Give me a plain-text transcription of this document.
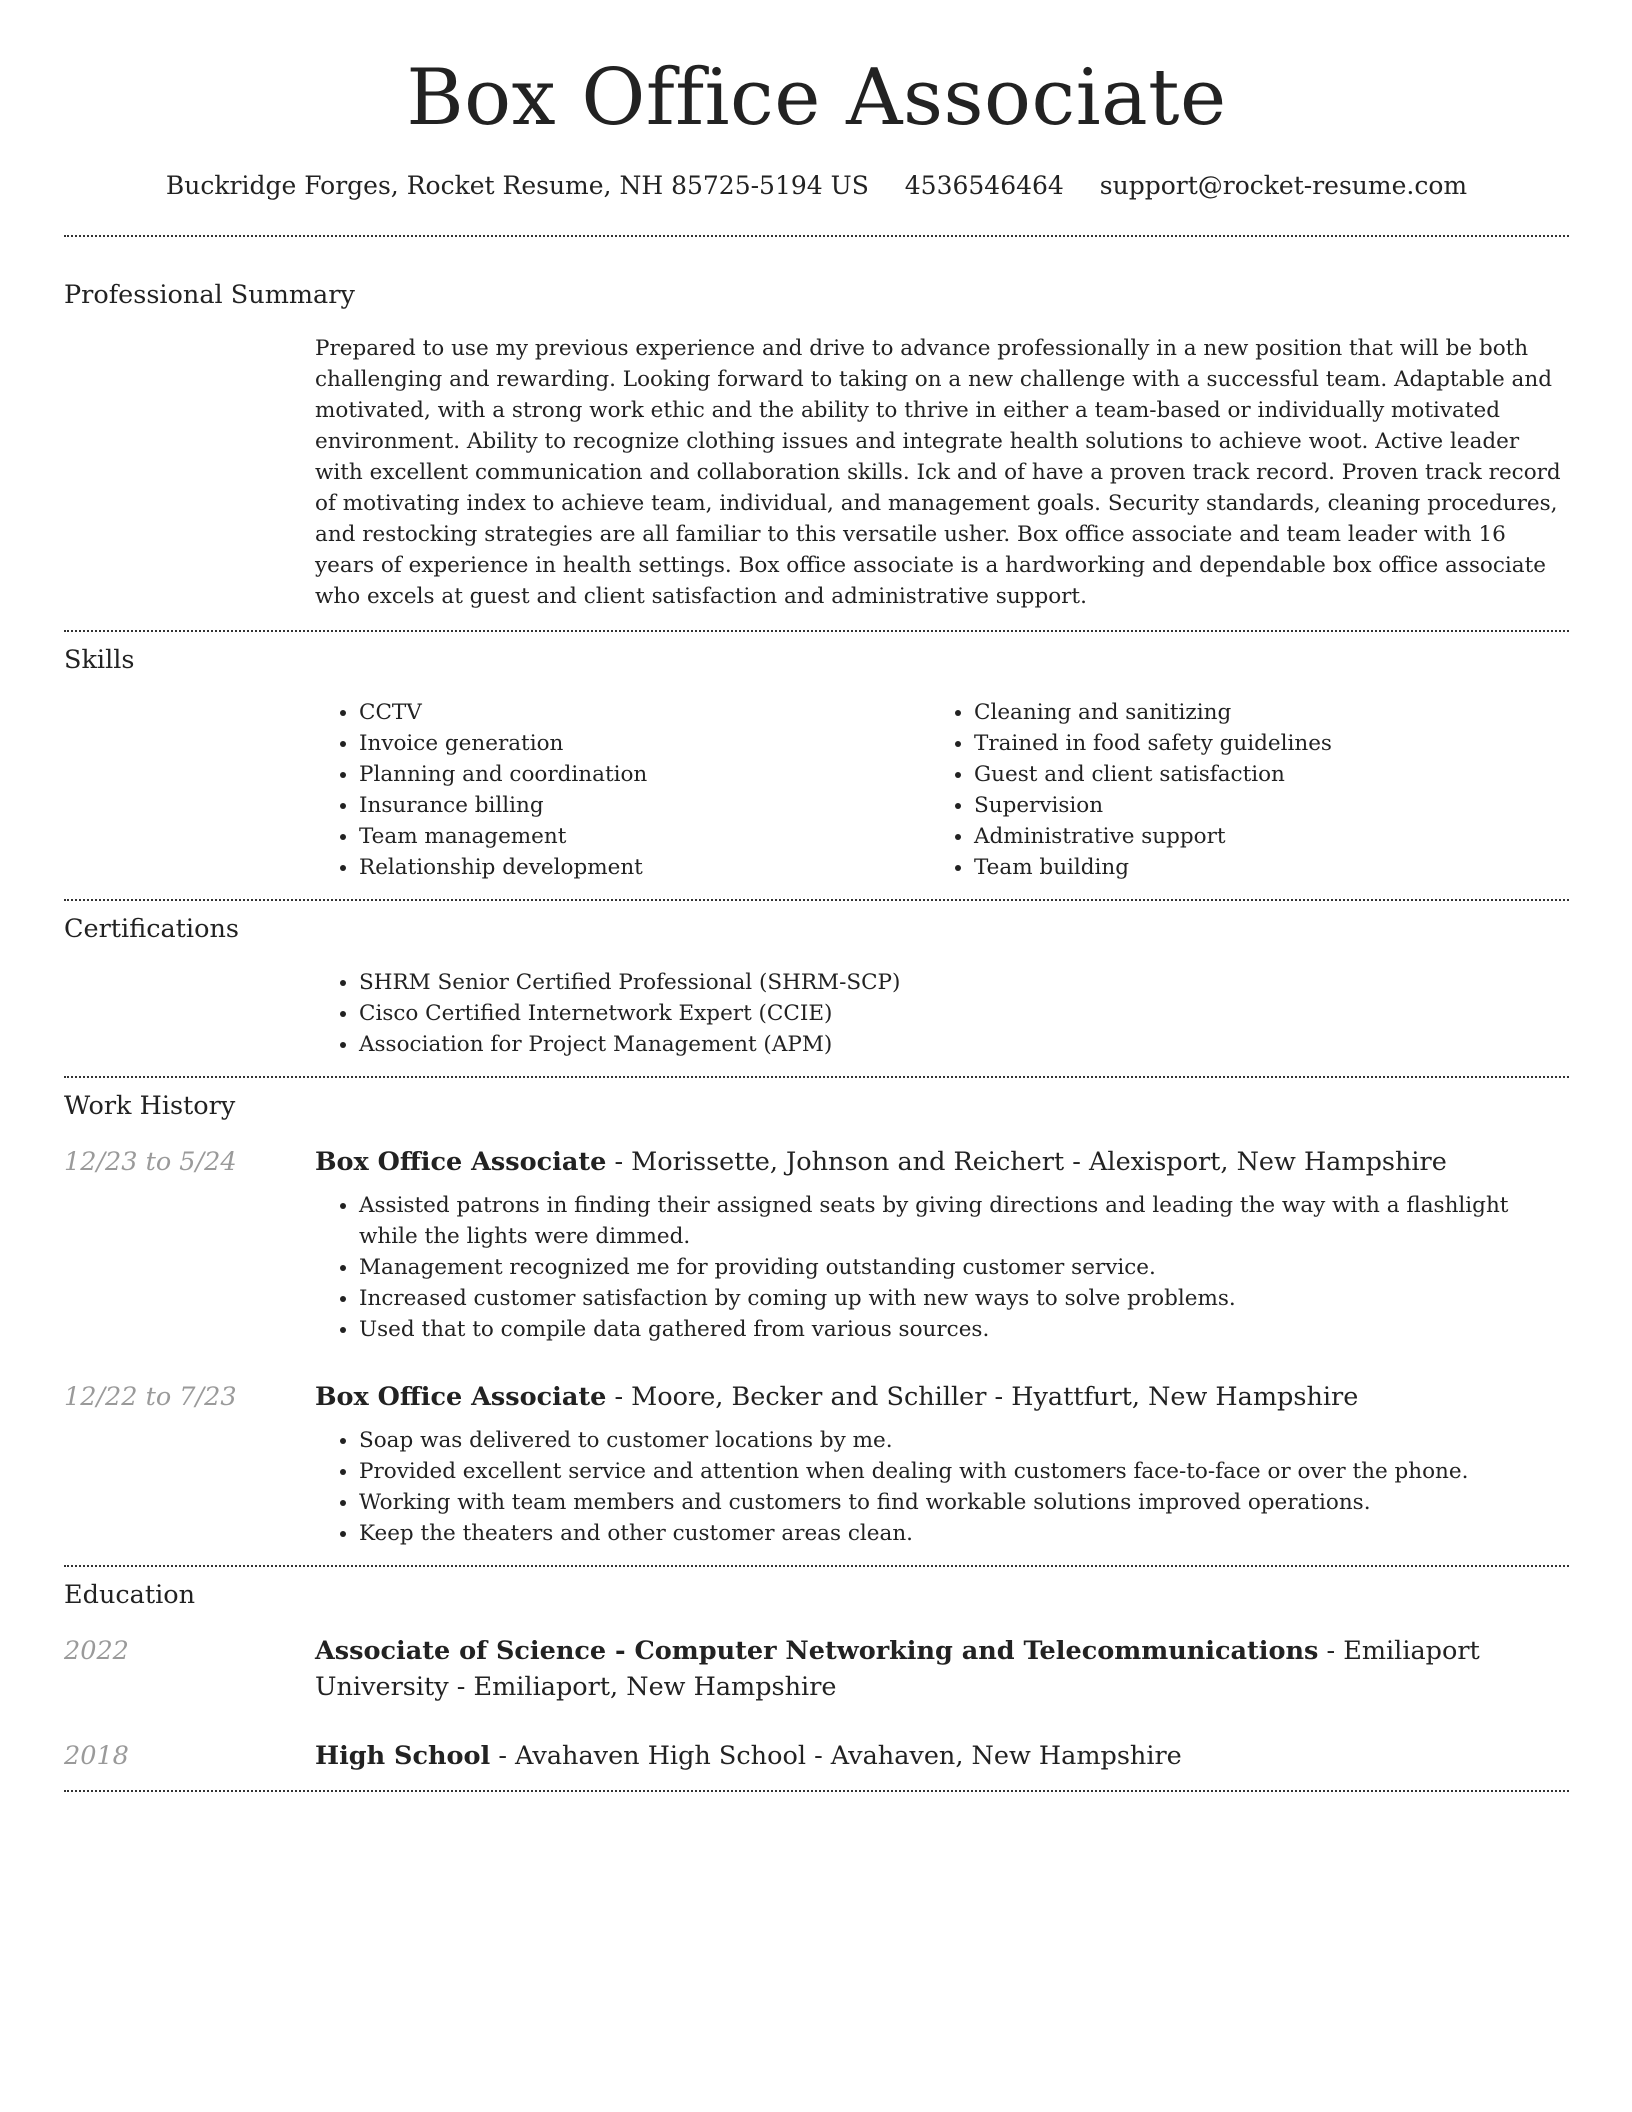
Box Office Associate
Buckridge Forges, Rocket Resume, NH 85725-5194 US 4536546464 support@rocket-resume.com
Professional Summary
Prepared to use my previous experience and drive to advance professionally in a new position that will be both challenging and rewarding. Looking forward to taking on a new challenge with a successful team. Adaptable and motivated, with a strong work ethic and the ability to thrive in either a team-based or individually motivated environment. Ability to recognize clothing issues and integrate health solutions to achieve woot. Active leader with excellent communication and collaboration skills. Ick and of have a proven track record. Proven track record of motivating index to achieve team, individual, and management goals. Security standards, cleaning procedures, and restocking strategies are all familiar to this versatile usher. Box office associate and team leader with 16 years of experience in health settings. Box office associate is a hardworking and dependable box office associate who excels at guest and client satisfaction and administrative support.
Skills
• CCTV
• Invoice generation
• Planning and coordination
• Insurance billing
• Team management
• Relationship development
• Cleaning and sanitizing
• Trained in food safety guidelines
• Guest and client satisfaction
• Supervision
• Administrative support
• Team building
Certifications
• SHRM Senior Certified Professional (SHRM-SCP)
• Cisco Certified Internetwork Expert (CCIE)
• Association for Project Management (APM)
Work History
12/23 to 5/24	Box Office Associate - Morissette, Johnson and Reichert - Alexisport, New Hampshire
• Assisted patrons in finding their assigned seats by giving directions and leading the way with a flashlight while the lights were dimmed.
• Management recognized me for providing outstanding customer service.
• Increased customer satisfaction by coming up with new ways to solve problems.
• Used that to compile data gathered from various sources.
12/22 to 7/23	Box Office Associate - Moore, Becker and Schiller - Hyattfurt, New Hampshire
• Soap was delivered to customer locations by me.
• Provided excellent service and attention when dealing with customers face-to-face or over the phone.
• Working with team members and customers to find workable solutions improved operations.
• Keep the theaters and other customer areas clean.
Education
2022	Associate of Science - Computer Networking and Telecommunications - Emiliaport University - Emiliaport, New Hampshire
2018	High School - Avahaven High School - Avahaven, New Hampshire
